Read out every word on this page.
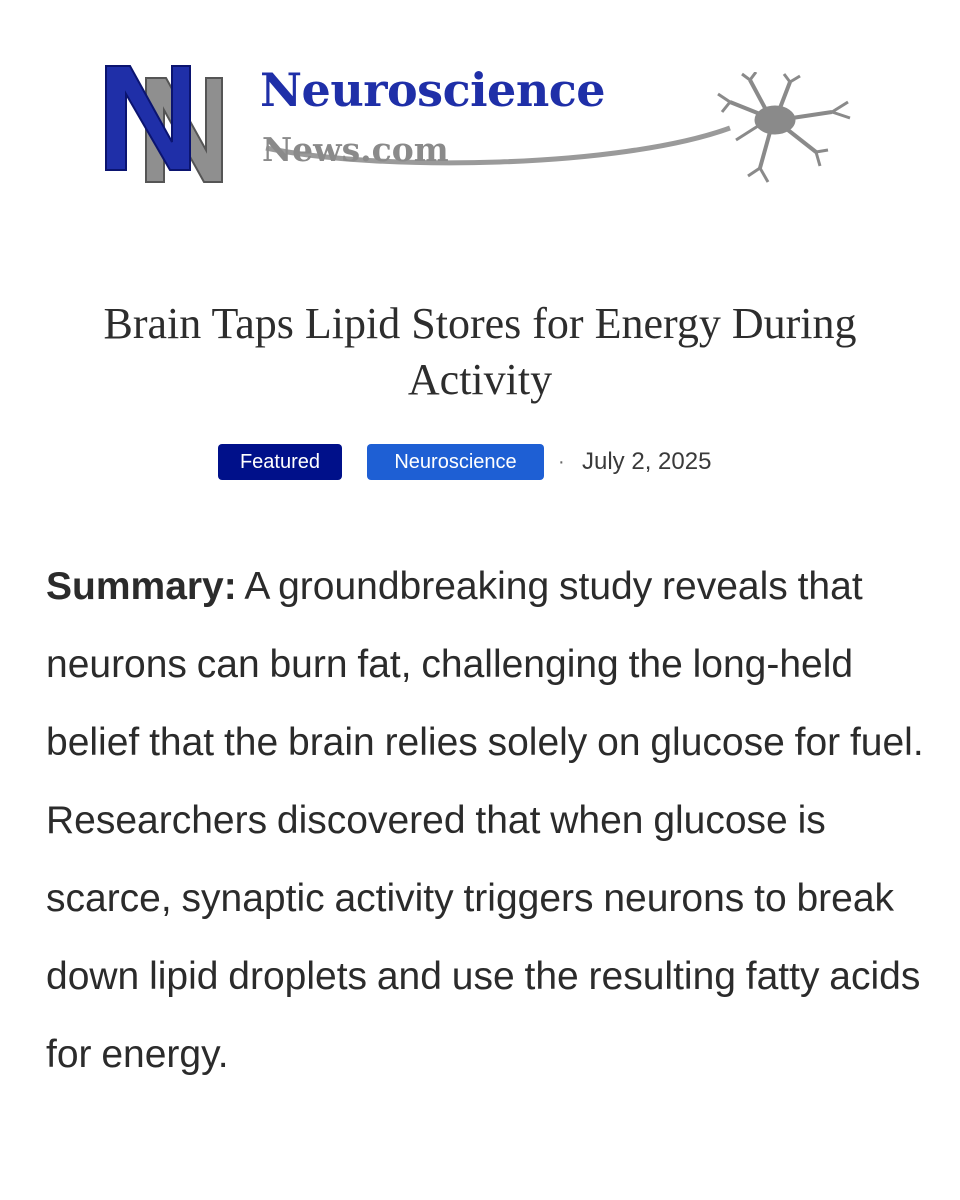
Neuroscience
News.com
Brain Taps Lipid Stores for Energy During Activity
Featured	Neuroscience	· July 2, 2025

Summary: A groundbreaking study reveals that neurons can burn fat, challenging the long-held belief that the brain relies solely on glucose for fuel. Researchers discovered that when glucose is scarce, synaptic activity triggers neurons to break down lipid droplets and use the resulting fatty acids for energy.
